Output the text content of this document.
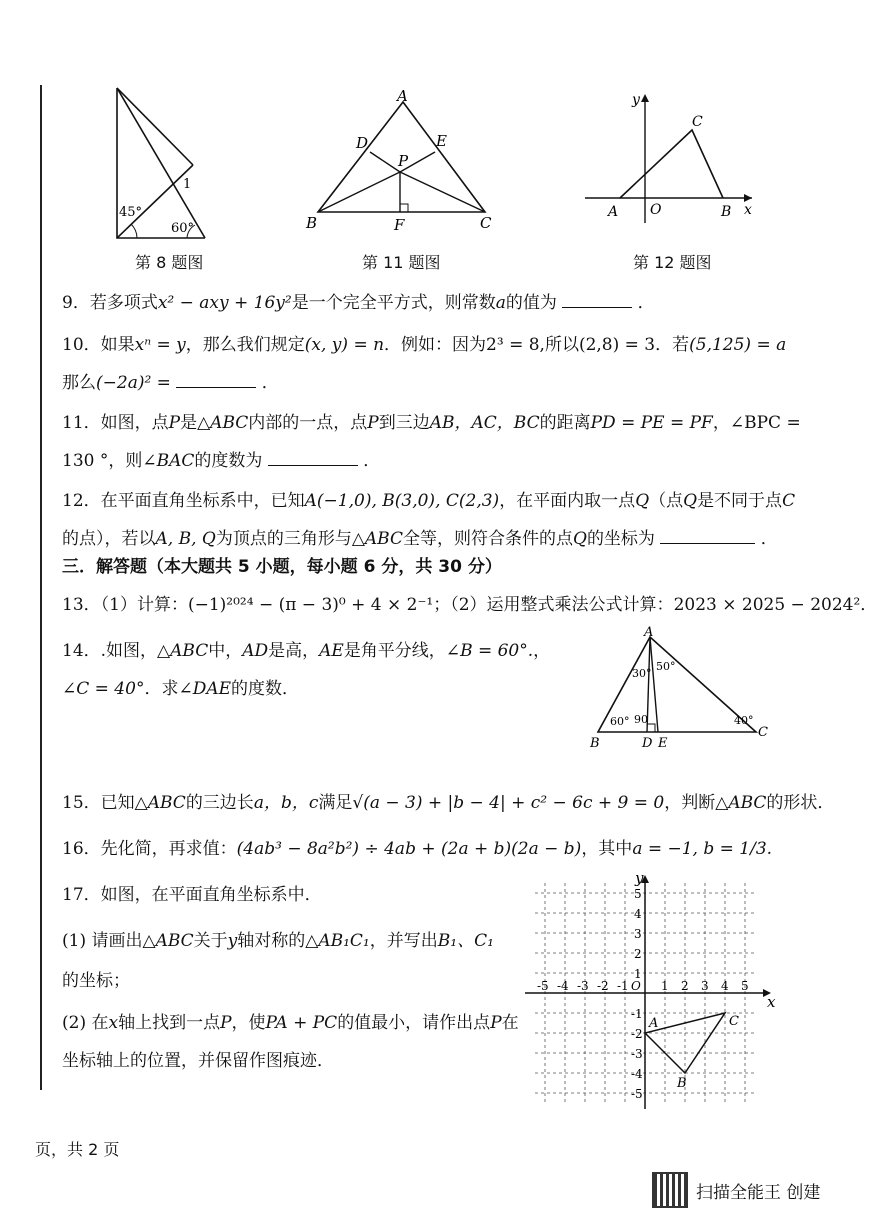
45°
60°
1
第 8 题图
A
B	C
D	E
F
P
第 11 题图
y
x
A O	B
C
第 12 题图
9．若多项式x² − axy + 16y²是一个完全平方式，则常数a的值为	．
10．如果xⁿ = y，那么我们规定(x, y) = n．例如：因为2³ = 8,所以(2,8) = 3．若(5,125) = a
那么(−2a)² =	．
11．如图，点P是△ABC内部的一点，点P到三边AB，AC，BC的距离PD = PE = PF，∠BPC =
130 °，则∠BAC的度数为	．
12．在平面直角坐标系中，已知A(−1,0), B(3,0), C(2,3)，在平面内取一点Q（点Q是不同于点C
的点），若以A, B, Q为顶点的三角形与△ABC全等，则符合条件的点Q的坐标为	．
三．解答题（本大题共 5 小题，每小题 6 分，共 30 分）
13．（1）计算：(−1)²⁰²⁴ − (π − 3)⁰ + 4 × 2⁻¹；（2）运用整式乘法公式计算：2023 × 2025 − 2024²．
14．.如图，△ABC中，AD是高，AE是角平分线，∠B = 60°.，
∠C = 40°．求∠DAE的度数．
A
B
C
D E
30°
50°
60° 90	40°
15．已知△ABC的三边长a，b，c满足√(a − 3) + |b − 4| + c² − 6c + 9 = 0，判断△ABC的形状．
16．先化简，再求值：(4ab³ − 8a²b²) ÷ 4ab + (2a + b)(2a − b)，其中a = −1, b = 1/3.
17．如图，在平面直角坐标系中．
(1) 请画出△ABC关于y轴对称的△AB₁C₁，并写出B₁、C₁
的坐标；
(2) 在x轴上找到一点P，使PA + PC的值最小，请作出点P在
坐标轴上的位置，并保留作图痕迹．
-5 -4 -3 -2 -1	1 2 3 4 5
5
4
3
2
1
-1
-2
-3
-4
-5
O
y
x
A
B
C
页，共 2 页
扫描全能王 创建
